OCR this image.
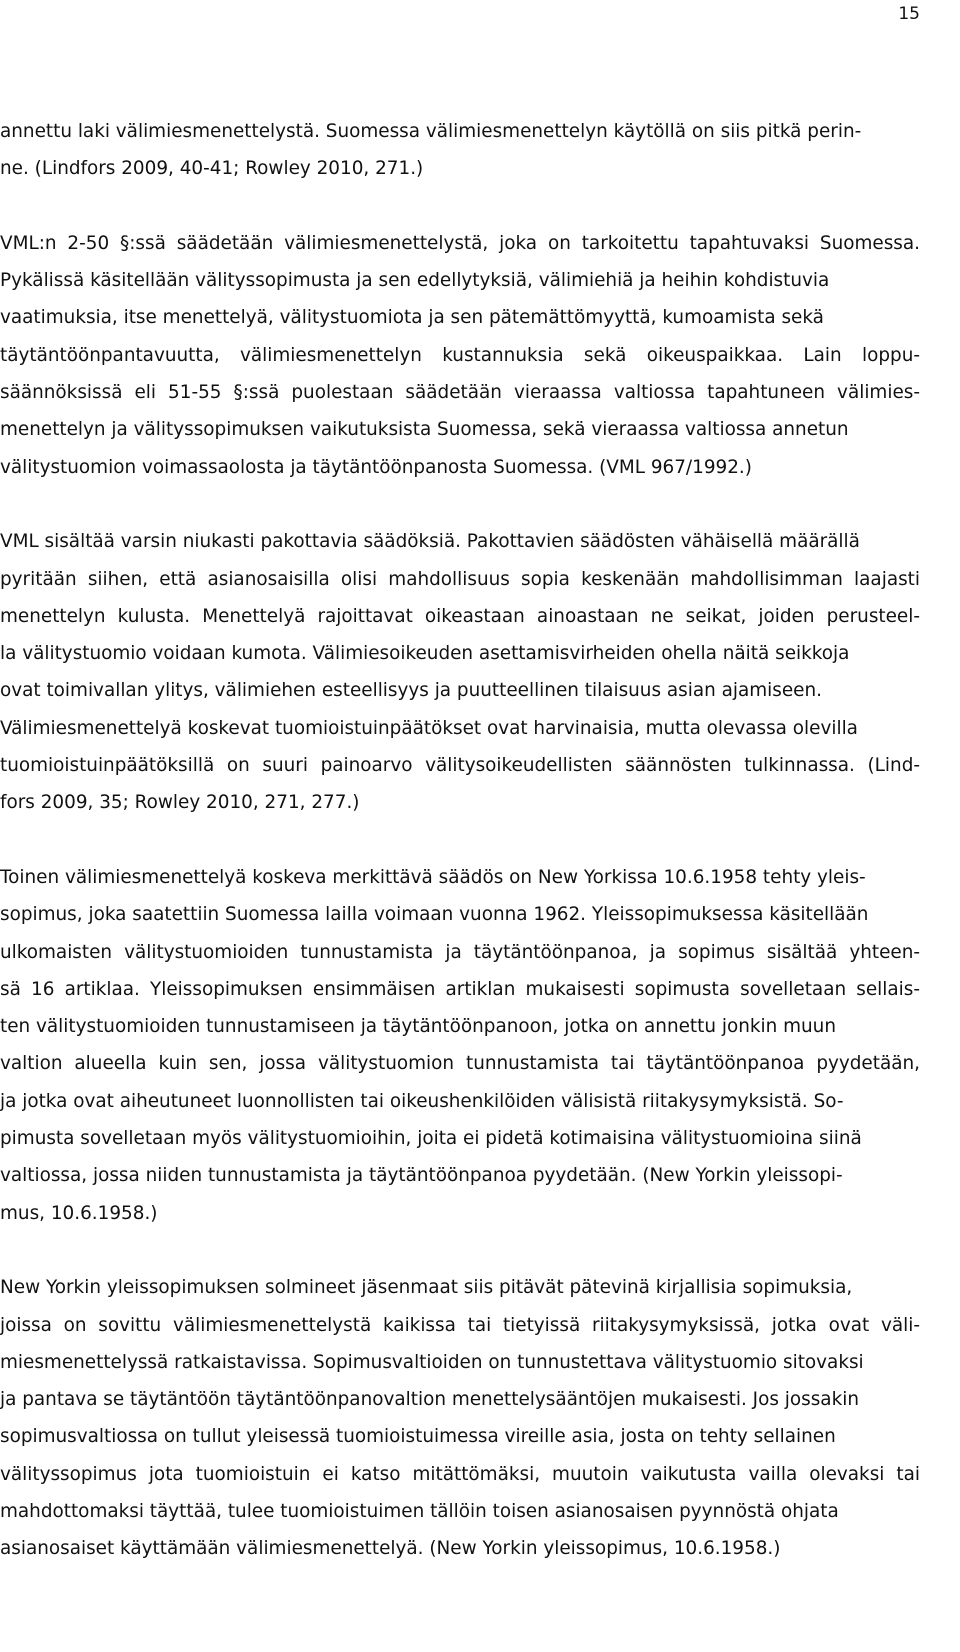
15
annettu laki välimiesmenettelystä. Suomessa välimiesmenettelyn käytöllä on siis pitkä perin-
ne. (Lindfors 2009, 40-41; Rowley 2010, 271.)
VML:n 2-50 §:ssä säädetään välimiesmenettelystä, joka on tarkoitettu tapahtuvaksi Suomessa.
Pykälissä käsitellään välityssopimusta ja sen edellytyksiä, välimiehiä ja heihin kohdistuvia
vaatimuksia, itse menettelyä, välitystuomiota ja sen pätemättömyyttä, kumoamista sekä
täytäntöönpantavuutta, välimiesmenettelyn kustannuksia sekä oikeuspaikkaa. Lain loppu-
säännöksissä eli 51-55 §:ssä puolestaan säädetään vieraassa valtiossa tapahtuneen välimies-
menettelyn ja välityssopimuksen vaikutuksista Suomessa, sekä vieraassa valtiossa annetun
välitystuomion voimassaolosta ja täytäntöönpanosta Suomessa. (VML 967/1992.)
VML sisältää varsin niukasti pakottavia säädöksiä. Pakottavien säädösten vähäisellä määrällä
pyritään siihen, että asianosaisilla olisi mahdollisuus sopia keskenään mahdollisimman laajasti
menettelyn kulusta. Menettelyä rajoittavat oikeastaan ainoastaan ne seikat, joiden perusteel-
la välitystuomio voidaan kumota. Välimiesoikeuden asettamisvirheiden ohella näitä seikkoja
ovat toimivallan ylitys, välimiehen esteellisyys ja puutteellinen tilaisuus asian ajamiseen.
Välimiesmenettelyä koskevat tuomioistuinpäätökset ovat harvinaisia, mutta olevassa olevilla
tuomioistuinpäätöksillä on suuri painoarvo välitysoikeudellisten säännösten tulkinnassa. (Lind-
fors 2009, 35; Rowley 2010, 271, 277.)
Toinen välimiesmenettelyä koskeva merkittävä säädös on New Yorkissa 10.6.1958 tehty yleis-
sopimus, joka saatettiin Suomessa lailla voimaan vuonna 1962. Yleissopimuksessa käsitellään
ulkomaisten välitystuomioiden tunnustamista ja täytäntöönpanoa, ja sopimus sisältää yhteen-
sä 16 artiklaa. Yleissopimuksen ensimmäisen artiklan mukaisesti sopimusta sovelletaan sellais-
ten välitystuomioiden tunnustamiseen ja täytäntöönpanoon, jotka on annettu jonkin muun
valtion alueella kuin sen, jossa välitystuomion tunnustamista tai täytäntöönpanoa pyydetään,
ja jotka ovat aiheutuneet luonnollisten tai oikeushenkilöiden välisistä riitakysymyksistä. So-
pimusta sovelletaan myös välitystuomioihin, joita ei pidetä kotimaisina välitystuomioina siinä
valtiossa, jossa niiden tunnustamista ja täytäntöönpanoa pyydetään. (New Yorkin yleissopi-
mus, 10.6.1958.)
New Yorkin yleissopimuksen solmineet jäsenmaat siis pitävät pätevinä kirjallisia sopimuksia,
joissa on sovittu välimiesmenettelystä kaikissa tai tietyissä riitakysymyksissä, jotka ovat väli-
miesmenettelyssä ratkaistavissa. Sopimusvaltioiden on tunnustettava välitystuomio sitovaksi
ja pantava se täytäntöön täytäntöönpanovaltion menettelysääntöjen mukaisesti. Jos jossakin
sopimusvaltiossa on tullut yleisessä tuomioistuimessa vireille asia, josta on tehty sellainen
välityssopimus jota tuomioistuin ei katso mitättömäksi, muutoin vaikutusta vailla olevaksi tai
mahdottomaksi täyttää, tulee tuomioistuimen tällöin toisen asianosaisen pyynnöstä ohjata
asianosaiset käyttämään välimiesmenettelyä. (New Yorkin yleissopimus, 10.6.1958.)
